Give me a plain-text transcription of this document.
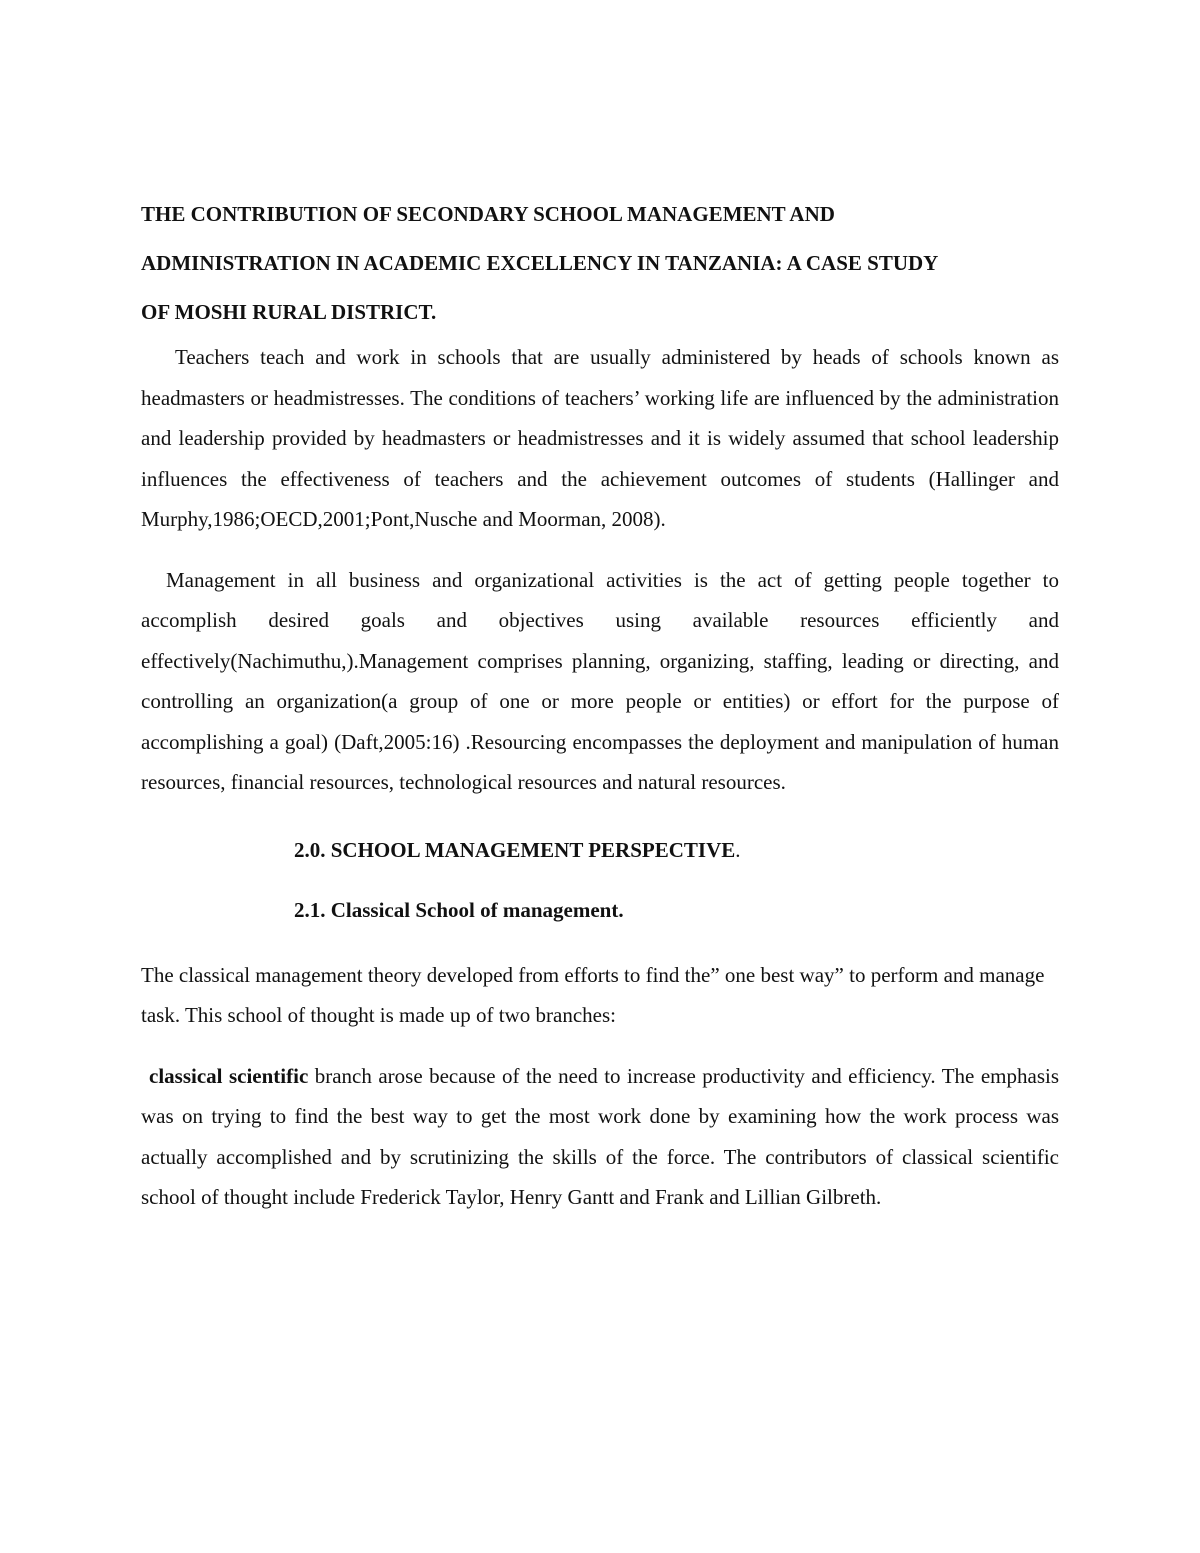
THE CONTRIBUTION OF SECONDARY SCHOOL MANAGEMENT AND

ADMINISTRATION IN ACADEMIC EXCELLENCY IN TANZANIA: A CASE STUDY

OF MOSHI RURAL DISTRICT.

Teachers teach and work in schools that are usually administered by heads of schools known as headmasters or headmistresses. The conditions of teachers’ working life are influenced by the administration and leadership provided by headmasters or headmistresses and it is widely assumed that school leadership influences the effectiveness of teachers and the achievement outcomes of students (Hallinger and Murphy,1986;OECD,2001;Pont,Nusche and Moorman, 2008).

Management in all business and organizational activities is the act of getting people together to accomplish desired goals and objectives using available resources efficiently and effectively(Nachimuthu,).Management comprises planning, organizing, staffing, leading or directing, and controlling an organization(a group of one or more people or entities) or effort for the purpose of accomplishing a goal) (Daft,2005:16) .Resourcing encompasses the deployment and manipulation of human resources, financial resources, technological resources and natural resources.

2.0. SCHOOL MANAGEMENT PERSPECTIVE.

2.1. Classical School of management.

The classical management theory developed from efforts to find the” one best way” to perform and manage task. This school of thought is made up of two branches:

classical scientific branch arose because of the need to increase productivity and efficiency. The emphasis was on trying to find the best way to get the most work done by examining how the work process was actually accomplished and by scrutinizing the skills of the force. The contributors of classical scientific school of thought include Frederick Taylor, Henry Gantt and Frank and Lillian Gilbreth.
